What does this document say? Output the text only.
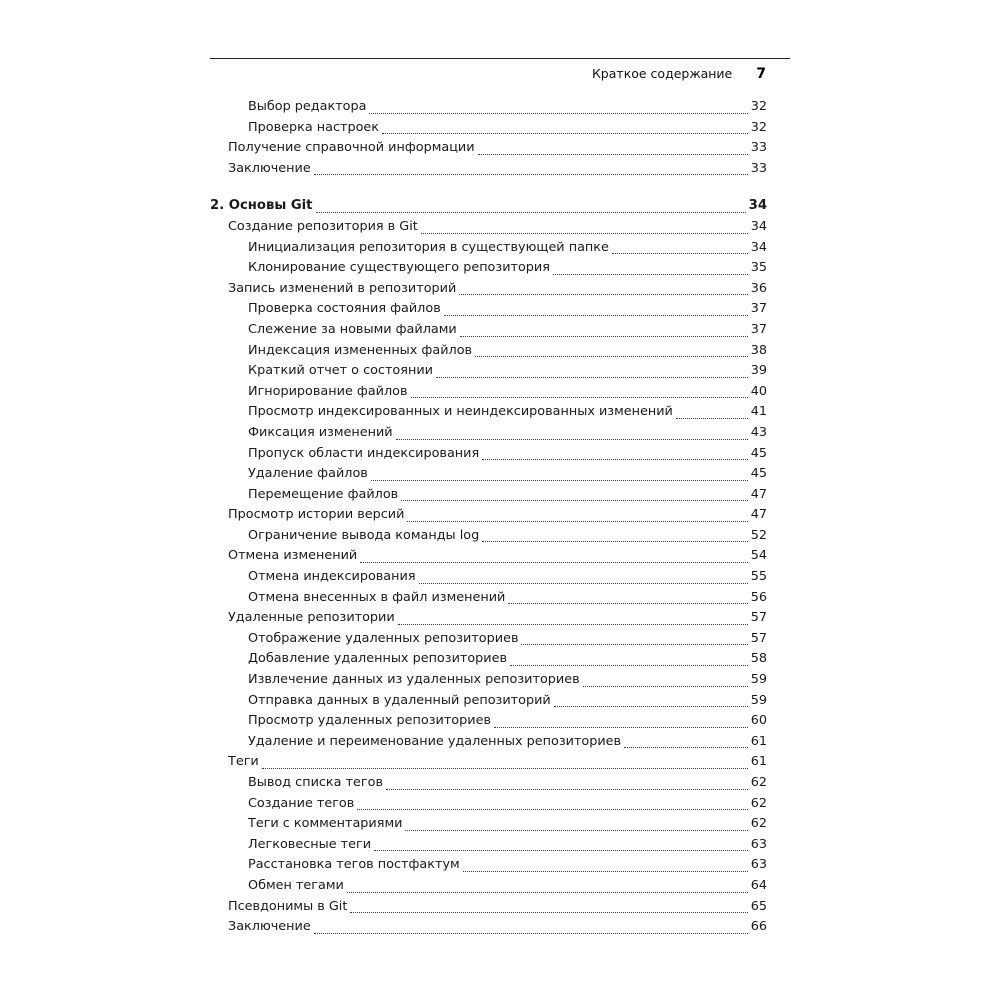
Краткое содержание 7
Выбор редактора	32
Проверка настроек	32
Получение справочной информации	33
Заключение	33
2. Основы Git	34
Создание репозитория в Git	34
Инициализация репозитория в существующей папке	34
Клонирование существующего репозитория	35
Запись изменений в репозиторий	36
Проверка состояния файлов	37
Слежение за новыми файлами	37
Индексация измененных файлов	38
Краткий отчет о состоянии	39
Игнорирование файлов	40
Просмотр индексированных и неиндексированных изменений	41
Фиксация изменений	43
Пропуск области индексирования	45
Удаление файлов	45
Перемещение файлов	47
Просмотр истории версий	47
Ограничение вывода команды log	52
Отмена изменений	54
Отмена индексирования	55
Отмена внесенных в файл изменений	56
Удаленные репозитории	57
Отображение удаленных репозиториев	57
Добавление удаленных репозиториев	58
Извлечение данных из удаленных репозиториев	59
Отправка данных в удаленный репозиторий	59
Просмотр удаленных репозиториев	60
Удаление и переименование удаленных репозиториев	61
Теги	61
Вывод списка тегов	62
Создание тегов	62
Теги с комментариями	62
Легковесные теги	63
Расстановка тегов постфактум	63
Обмен тегами	64
Псевдонимы в Git	65
Заключение	66
